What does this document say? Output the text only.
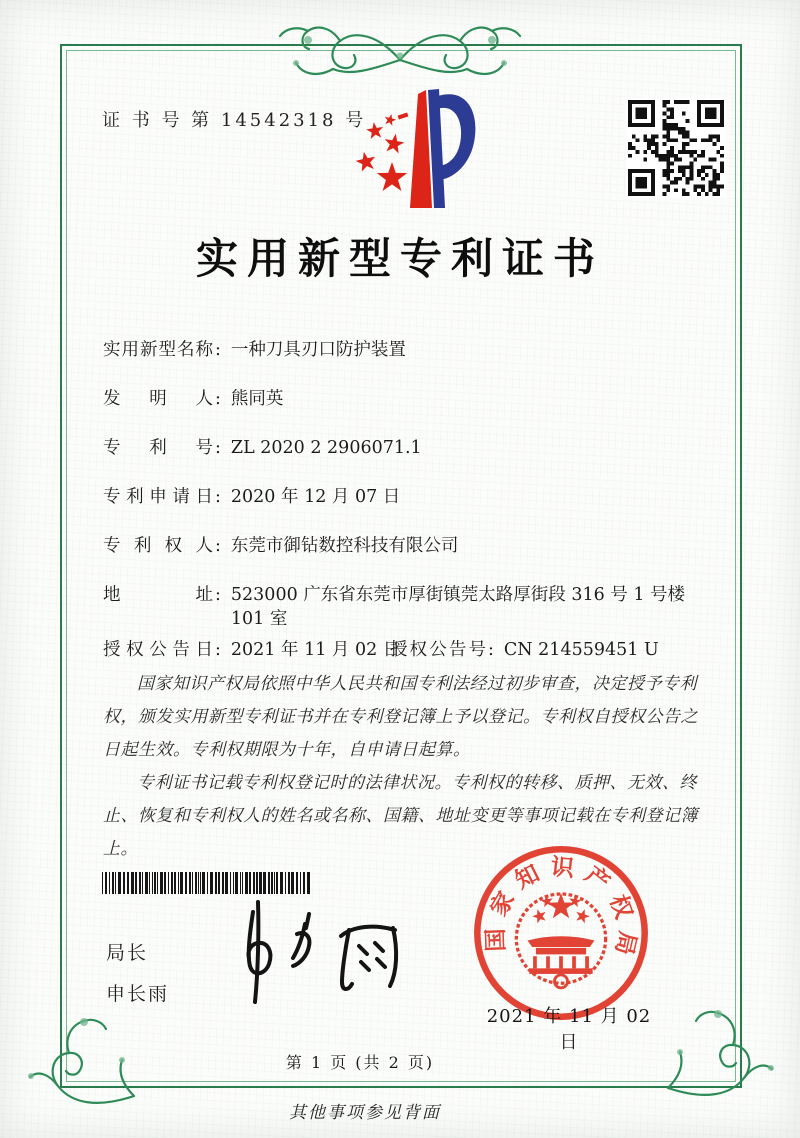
证 书 号 第 14542318 号
实用新型专利证书
实用新型名称 : 一种刀具刃口防护装置
发明人 : 熊同英
专利号 : ZL 2020 2 2906071.1
专利申请日 : 2020 年 12 月 07 日
专利权人 : 东莞市御钻数控科技有限公司
地址 : 523000 广东省东莞市厚街镇莞太路厚街段 316 号 1 号楼 101 室
授权公告日 : 2021 年 11 月 02 日
授权公告号 : CN 214559451 U

国家知识产权局依照中华人民共和国专利法经过初步审查，决定授予专利权，颁发实用新型专利证书并在专利登记簿上予以登记。专利权自授权公告之日起生效。专利权期限为十年，自申请日起算。

专利证书记载专利权登记时的法律状况。专利权的转移、质押、无效、终止、恢复和专利权人的姓名或名称、国籍、地址变更等事项记载在专利登记簿上。

局长
申长雨
国家知识产权局
2021 年 11 月 02 日
第 1 页 (共 2 页)
其他事项参见背面
